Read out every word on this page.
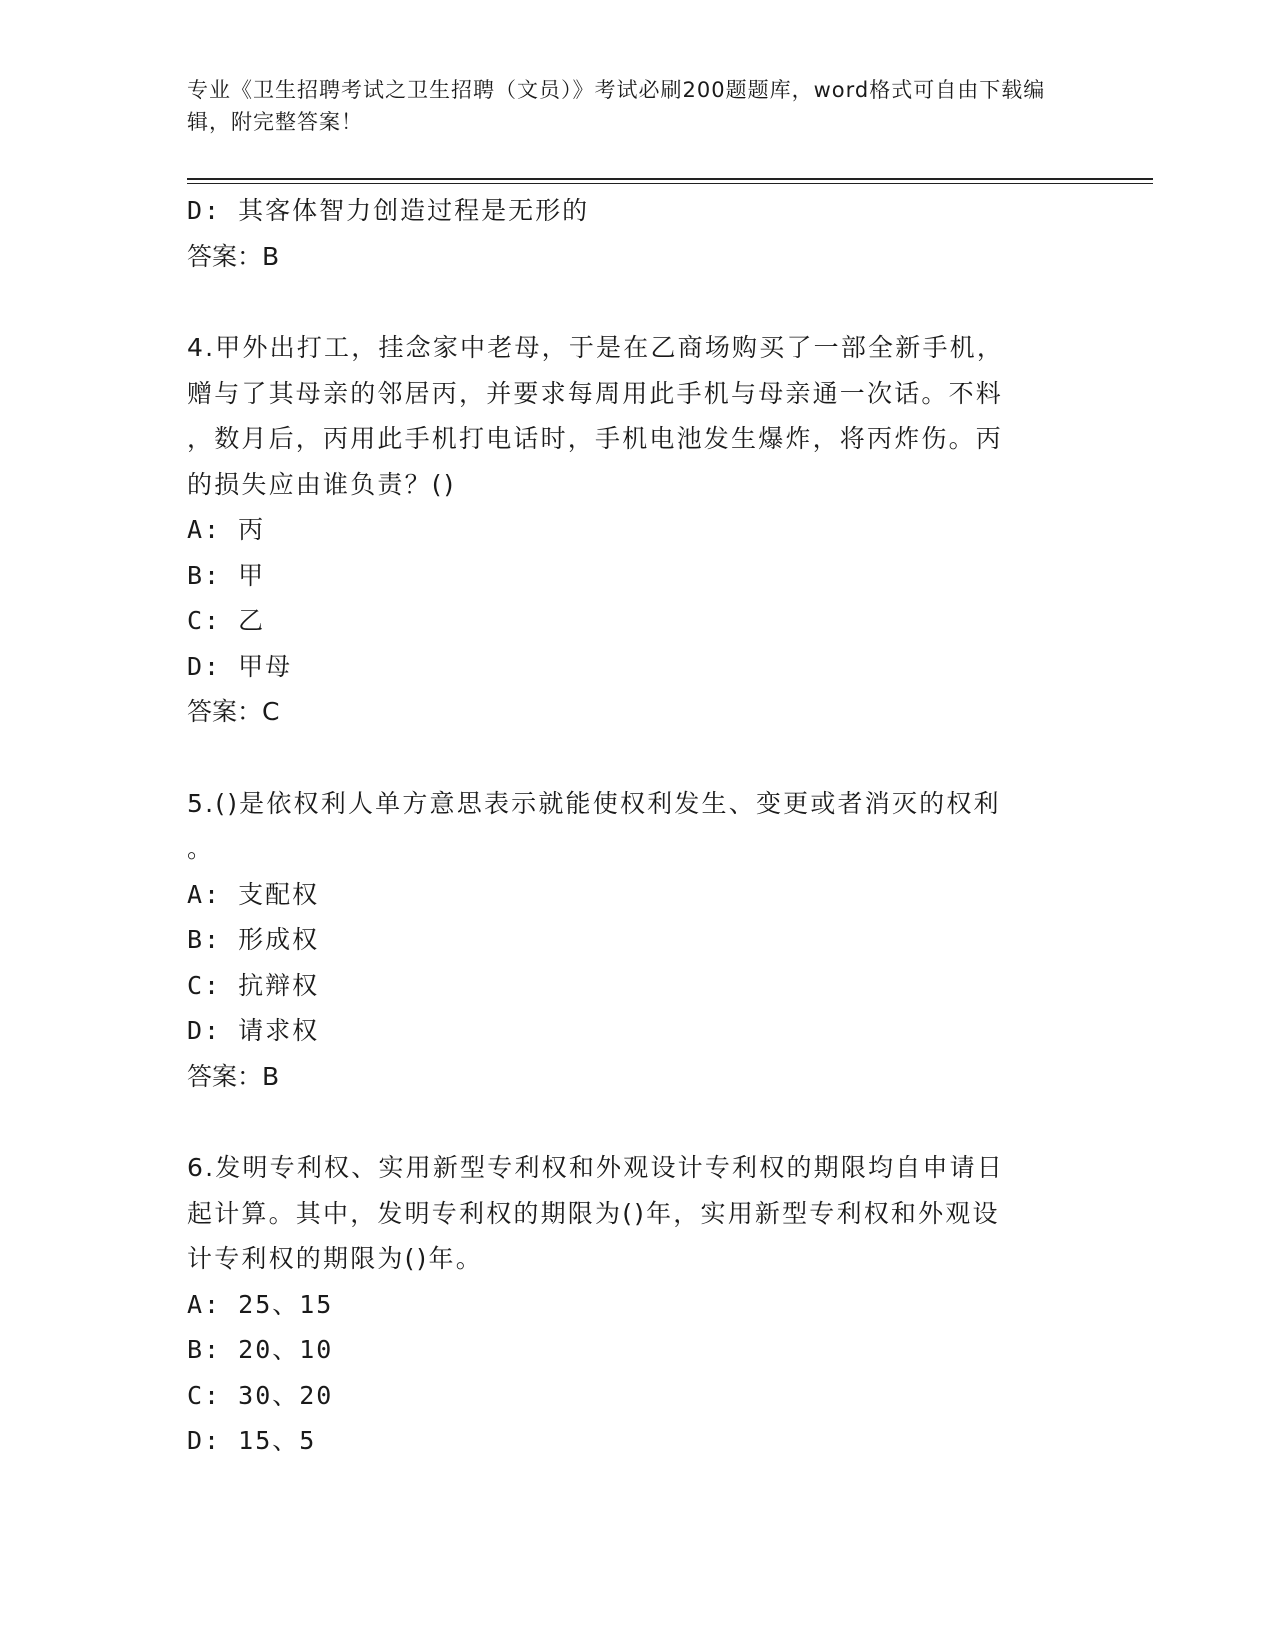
专业《卫生招聘考试之卫生招聘（文员）》考试必刷200题题库，word格式可自由下载编辑，附完整答案！
D: 其客体智力创造过程是无形的
答案：B
4.甲外出打工，挂念家中老母，于是在乙商场购买了一部全新手机，
赠与了其母亲的邻居丙，并要求每周用此手机与母亲通一次话。不料
，数月后，丙用此手机打电话时，手机电池发生爆炸，将丙炸伤。丙
的损失应由谁负责？()
A: 丙
B: 甲
C: 乙
D: 甲母
答案：C
5.()是依权利人单方意思表示就能使权利发生、变更或者消灭的权利
。
A: 支配权
B: 形成权
C: 抗辩权
D: 请求权
答案：B
6.发明专利权、实用新型专利权和外观设计专利权的期限均自申请日
起计算。其中，发明专利权的期限为()年，实用新型专利权和外观设
计专利权的期限为()年。
A: 25、15
B: 20、10
C: 30、20
D: 15、5
